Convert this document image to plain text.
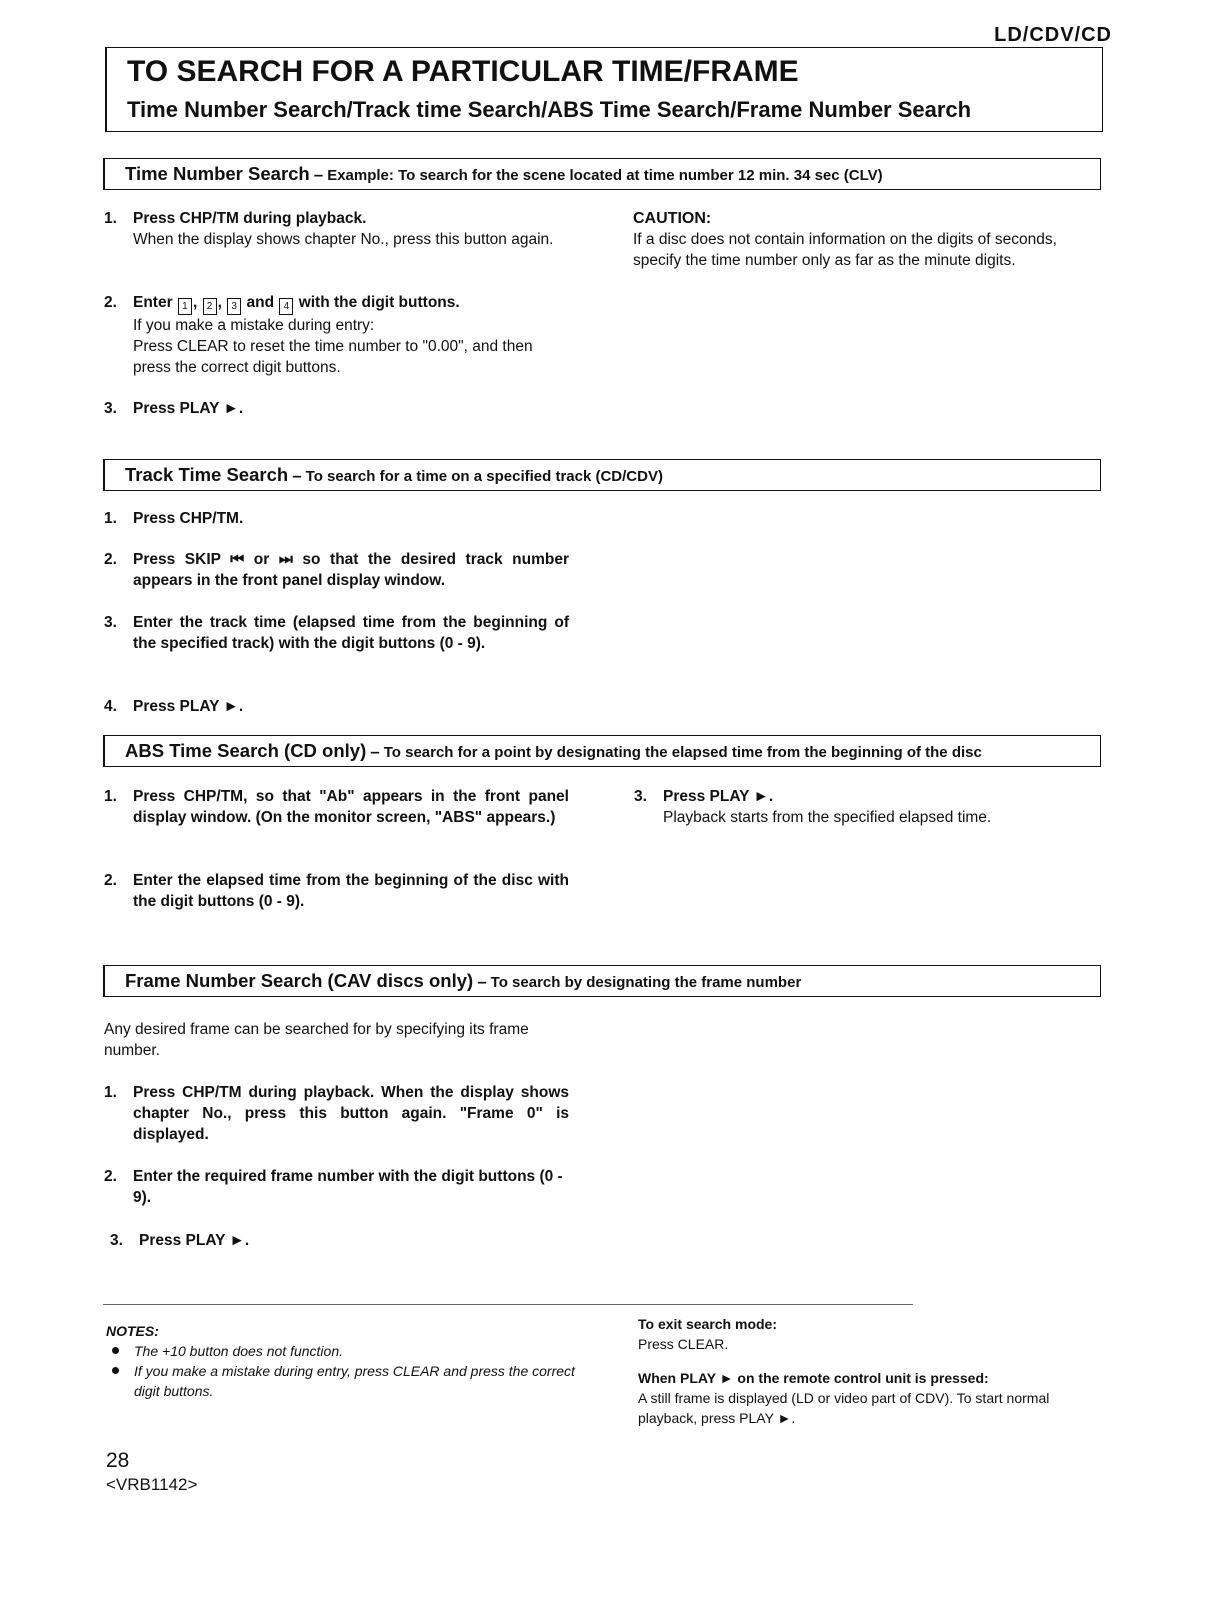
LD/CDV/CD
TO SEARCH FOR A PARTICULAR TIME/FRAME
Time Number Search/Track time Search/ABS Time Search/Frame Number Search
Time Number Search – Example: To search for the scene located at time number 12 min. 34 sec (CLV)
1. Press CHP/TM during playback.
When the display shows chapter No., press this button again.
2. Enter 1 , 2 , 3 and 4 with the digit buttons.
If you make a mistake during entry:
Press CLEAR to reset the time number to "0.00", and then press the correct digit buttons.
3. Press PLAY ►.
CAUTION:
If a disc does not contain information on the digits of seconds, specify the time number only as far as the minute digits.
Track Time Search – To search for a time on a specified track (CD/CDV)
1. Press CHP/TM.
2. Press SKIP ⏮ or ⏭ so that the desired track number appears in the front panel display window.
3. Enter the track time (elapsed time from the beginning of the specified track) with the digit buttons (0 - 9).
4. Press PLAY ►.
ABS Time Search (CD only) – To search for a point by designating the elapsed time from the beginning of the disc
1. Press CHP/TM, so that "Ab" appears in the front panel display window. (On the monitor screen, "ABS" appears.)
2. Enter the elapsed time from the beginning of the disc with the digit buttons (0 - 9).
3. Press PLAY ►.
Playback starts from the specified elapsed time.
Frame Number Search (CAV discs only) – To search by designating the frame number
Any desired frame can be searched for by specifying its frame number.
1. Press CHP/TM during playback. When the display shows chapter No., press this button again. "Frame 0" is displayed.
2. Enter the required frame number with the digit buttons (0 - 9).
3. Press PLAY ►.
NOTES:
The +10 button does not function.
If you make a mistake during entry, press CLEAR and press the correct digit buttons.
To exit search mode:
Press CLEAR.
When PLAY ► on the remote control unit is pressed:
A still frame is displayed (LD or video part of CDV). To start normal playback, press PLAY ►.
28
<VRB1142>
